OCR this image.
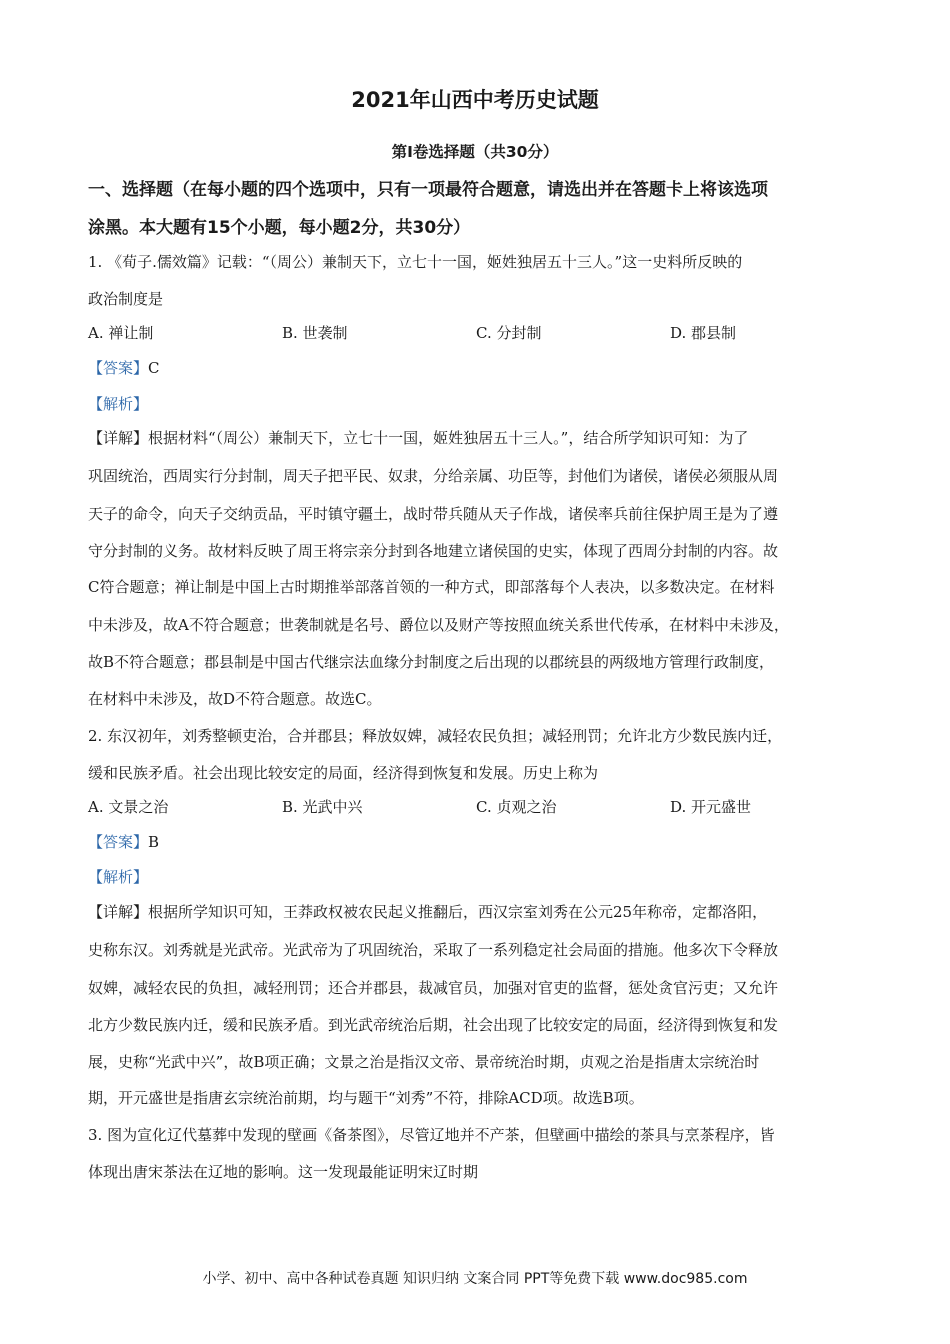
2021年山西中考历史试题
第Ⅰ卷选择题（共30分）
一、选择题（在每小题的四个选项中，只有一项最符合题意，请选出并在答题卡上将该选项
涂黑。本大题有15个小题，每小题2分，共30分）
1. 《荀子.儒效篇》记载：“（周公）兼制天下，立七十一国，姬姓独居五十三人。”这一史料所反映的
政治制度是
A. 禅让制	B. 世袭制	C. 分封制	D. 郡县制
【答案】C
【解析】
【详解】根据材料“（周公）兼制天下，立七十一国，姬姓独居五十三人。”，结合所学知识可知：为了
巩固统治，西周实行分封制，周天子把平民、奴隶，分给亲属、功臣等，封他们为诸侯，诸侯必须服从周
天子的命令，向天子交纳贡品，平时镇守疆土，战时带兵随从天子作战，诸侯率兵前往保护周王是为了遵
守分封制的义务。故材料反映了周王将宗亲分封到各地建立诸侯国的史实，体现了西周分封制的内容。故
C符合题意；禅让制是中国上古时期推举部落首领的一种方式，即部落每个人表决，以多数决定。在材料
中未涉及，故A不符合题意；世袭制就是名号、爵位以及财产等按照血统关系世代传承，在材料中未涉及，
故B不符合题意；郡县制是中国古代继宗法血缘分封制度之后出现的以郡统县的两级地方管理行政制度，
在材料中未涉及，故D不符合题意。故选C。
2. 东汉初年，刘秀整顿吏治，合并郡县；释放奴婢，减轻农民负担；减轻刑罚；允许北方少数民族内迁，
缓和民族矛盾。社会出现比较安定的局面，经济得到恢复和发展。历史上称为
A. 文景之治	B. 光武中兴	C. 贞观之治	D. 开元盛世
【答案】B
【解析】
【详解】根据所学知识可知，王莽政权被农民起义推翻后，西汉宗室刘秀在公元25年称帝，定都洛阳，
史称东汉。刘秀就是光武帝。光武帝为了巩固统治，采取了一系列稳定社会局面的措施。他多次下令释放
奴婢，减轻农民的负担，减轻刑罚；还合并郡县，裁减官员，加强对官吏的监督，惩处贪官污吏；又允许
北方少数民族内迁，缓和民族矛盾。到光武帝统治后期，社会出现了比较安定的局面，经济得到恢复和发
展，史称“光武中兴”，故B项正确；文景之治是指汉文帝、景帝统治时期，贞观之治是指唐太宗统治时
期，开元盛世是指唐玄宗统治前期，均与题干“刘秀”不符，排除ACD项。故选B项。
3. 图为宣化辽代墓葬中发现的壁画《备茶图》，尽管辽地并不产茶，但壁画中描绘的茶具与烹茶程序，皆
体现出唐宋茶法在辽地的影响。这一发现最能证明宋辽时期
小学、初中、高中各种试卷真题 知识归纳 文案合同 PPT等免费下载 www.doc985.com
